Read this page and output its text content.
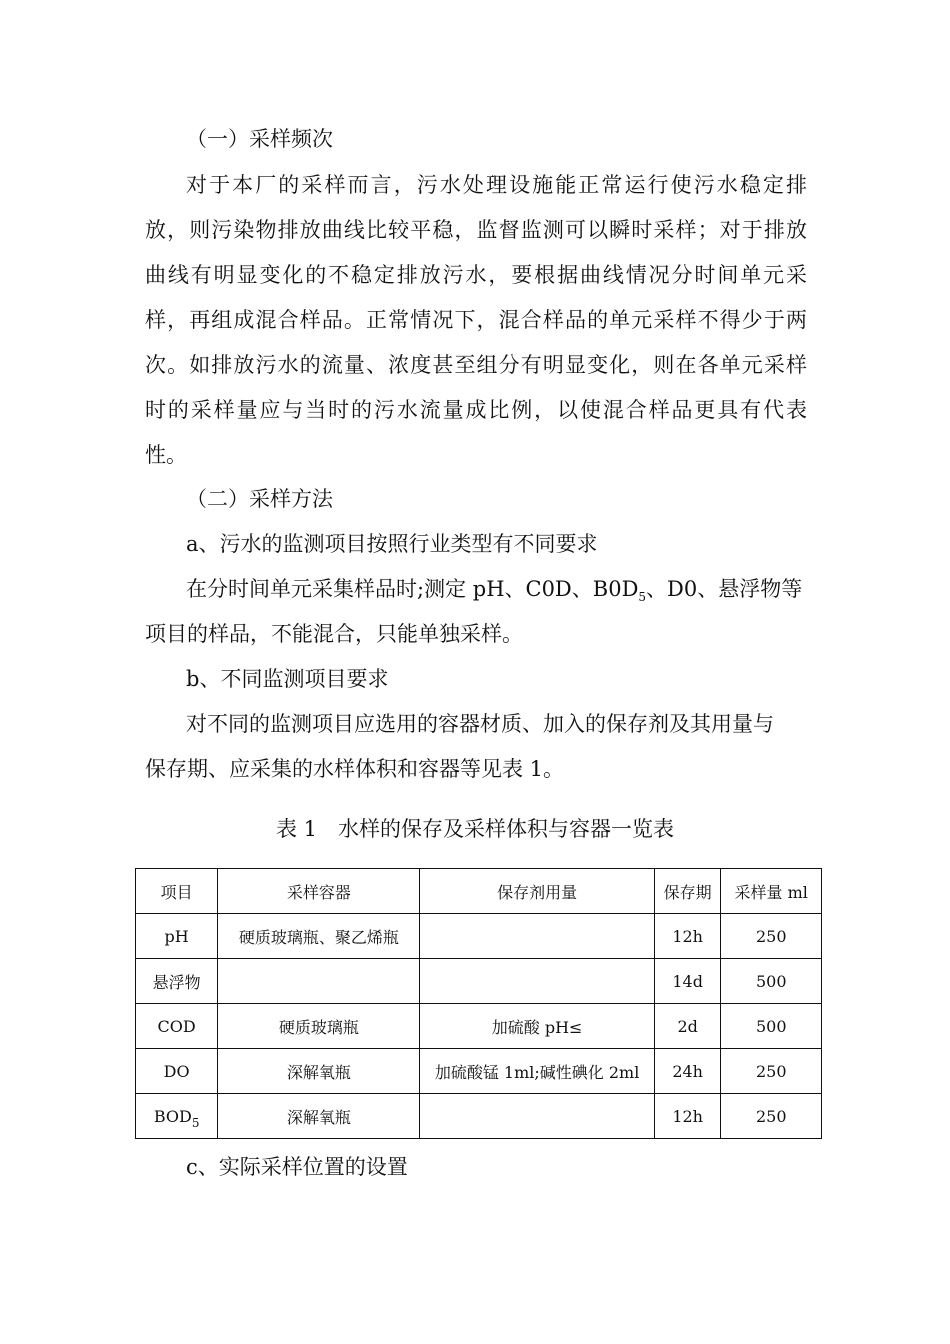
（一）采样频次
对于本厂的采样而言，污水处理设施能正常运行使污水稳定排
放，则污染物排放曲线比较平稳，监督监测可以瞬时采样；对于排放
曲线有明显变化的不稳定排放污水，要根据曲线情况分时间单元采
样，再组成混合样品。正常情况下，混合样品的单元采样不得少于两
次。如排放污水的流量、浓度甚至组分有明显变化，则在各单元采样
时的采样量应与当时的污水流量成比例，以使混合样品更具有代表
性。
（二）采样方法
a、污水的监测项目按照行业类型有不同要求
在分时间单元采集样品时;测定 pH、C0D、$B0D_5$、D0、悬浮物等
项目的样品，不能混合，只能单独采样。
b、不同监测项目要求
对不同的监测项目应选用的容器材质、加入的保存剂及其用量与
保存期、应采集的水样体积和容器等见表 1。
表 1　水样的保存及采样体积与容器一览表
项目	采样容器	保存剂用量	保存期	采样量 ml
pH	硬质玻璃瓶、聚乙烯瓶		12h	250
悬浮物			14d	500
COD	硬质玻璃瓶	加硫酸 pH≤	2d	500
DO	深解氧瓶	加硫酸锰 1ml;碱性碘化 2ml	24h	250
$BOD_5$	深解氧瓶		12h	250
c、实际采样位置的设置
